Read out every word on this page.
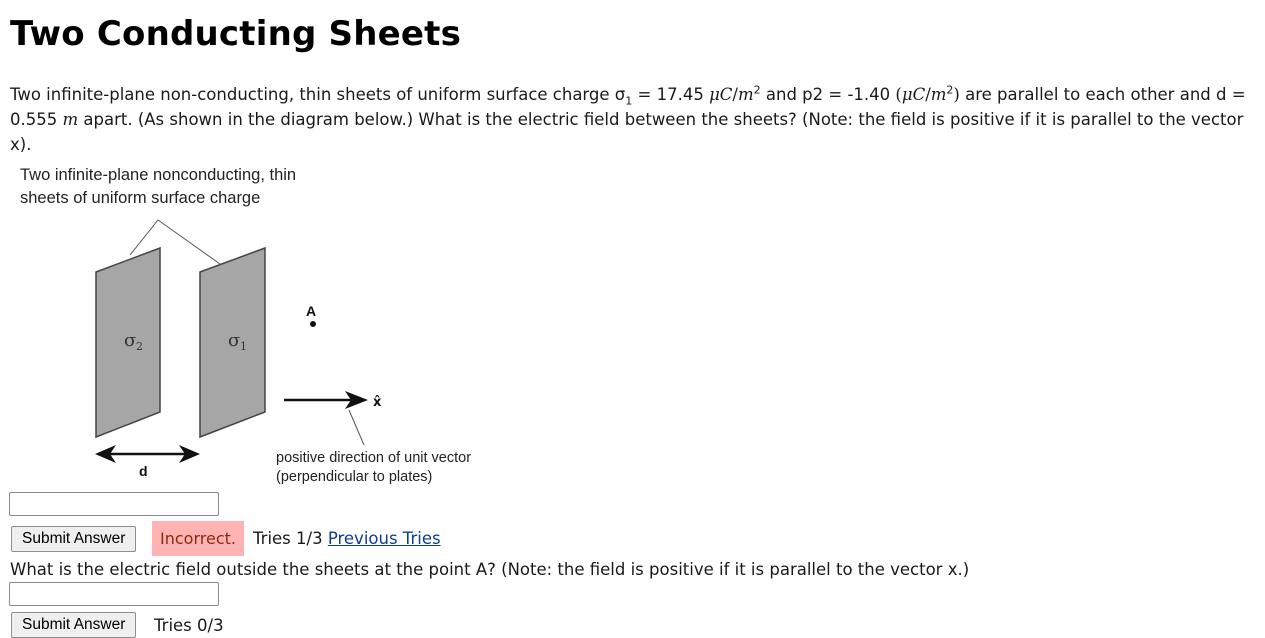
Two Conducting Sheets

Two infinite-plane non-conducting, thin sheets of uniform surface charge $\sigma_1 = 17.45$ $\mu C/m^2$ and p2 = -1.40 $(\mu C/m^2)$ are parallel to each other and d = 0.555 m apart. (As shown in the diagram below.) What is the electric field between the sheets? (Note: the field is positive if it is parallel to the vector x).

Two infinite-plane nonconducting, thin
sheets of uniform surface charge
σ 2	σ 1
A
x̂
d
positive direction of unit vector
(perpendicular to plates)
Submit Answer	Incorrect.	Tries 1/3 Previous Tries
What is the electric field outside the sheets at the point A? (Note: the field is positive if it is parallel to the vector x.)
Submit Answer	Tries 0/3
